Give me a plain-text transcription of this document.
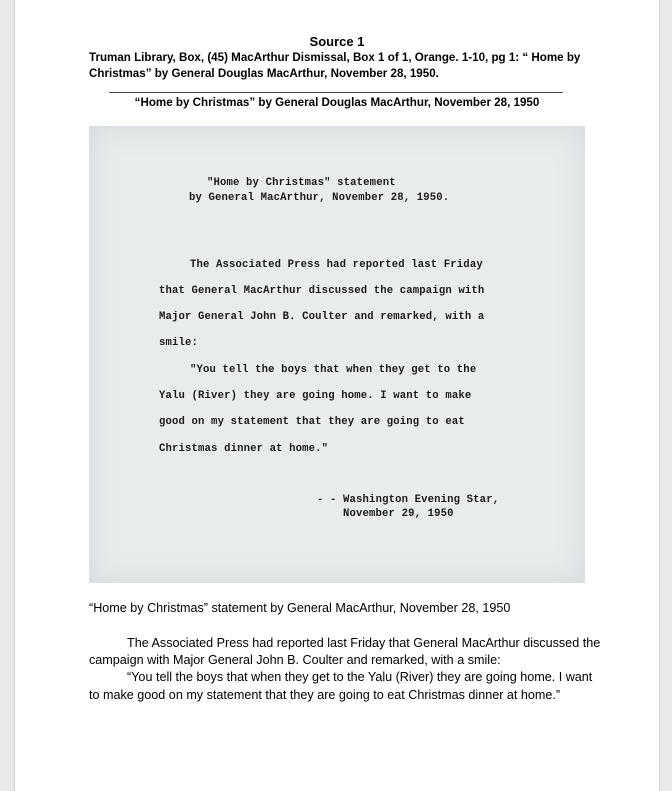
Source 1

Truman Library, Box, (45) MacArthur Dismissal, Box 1 of 1, Orange. 1-10, pg 1: “ Home by Christmas” by General Douglas MacArthur, November 28, 1950.

“Home by Christmas” by General Douglas MacArthur, November 28, 1950

"Home by Christmas" statement

by General MacArthur, November 28, 1950.

The Associated Press had reported last Friday

that General MacArthur discussed the campaign with

Major General John B. Coulter and remarked, with a

smile:

"You tell the boys that when they get to the

Yalu (River) they are going home. I want to make

good on my statement that they are going to eat

Christmas dinner at home."

- - Washington Evening Star,

November 29, 1950

“Home by Christmas” statement by General MacArthur, November 28, 1950

The Associated Press had reported last Friday that General MacArthur discussed the campaign with Major General John B. Coulter and remarked, with a smile:
“You tell the boys that when they get to the Yalu (River) they are going home. I want to make good on my statement that they are going to eat Christmas dinner at home.”
